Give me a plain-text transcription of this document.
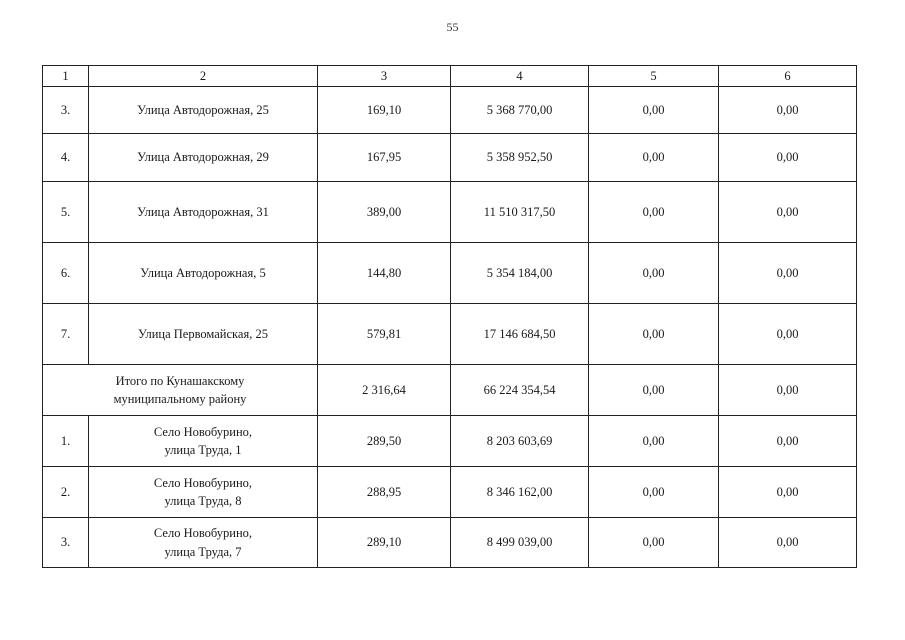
55
1	2	3	4	5	6
3.	Улица Автодорожная, 25	169,10	5 368 770,00	0,00	0,00
4.	Улица Автодорожная, 29	167,95	5 358 952,50	0,00	0,00
5.	Улица Автодорожная, 31	389,00	11 510 317,50	0,00	0,00
6.	Улица Автодорожная, 5	144,80	5 354 184,00	0,00	0,00
7.	Улица Первомайская, 25	579,81	17 146 684,50	0,00	0,00

Итого по Кунашакскому
муниципальному району		2 316,64	66 224 354,54	0,00	0,00
1.	Село Новобурино,
улица Труда, 1	289,50	8 203 603,69	0,00	0,00
2.	Село Новобурино,
улица Труда, 8	288,95	8 346 162,00	0,00	0,00
3.	Село Новобурино,
улица Труда, 7	289,10	8 499 039,00	0,00	0,00
